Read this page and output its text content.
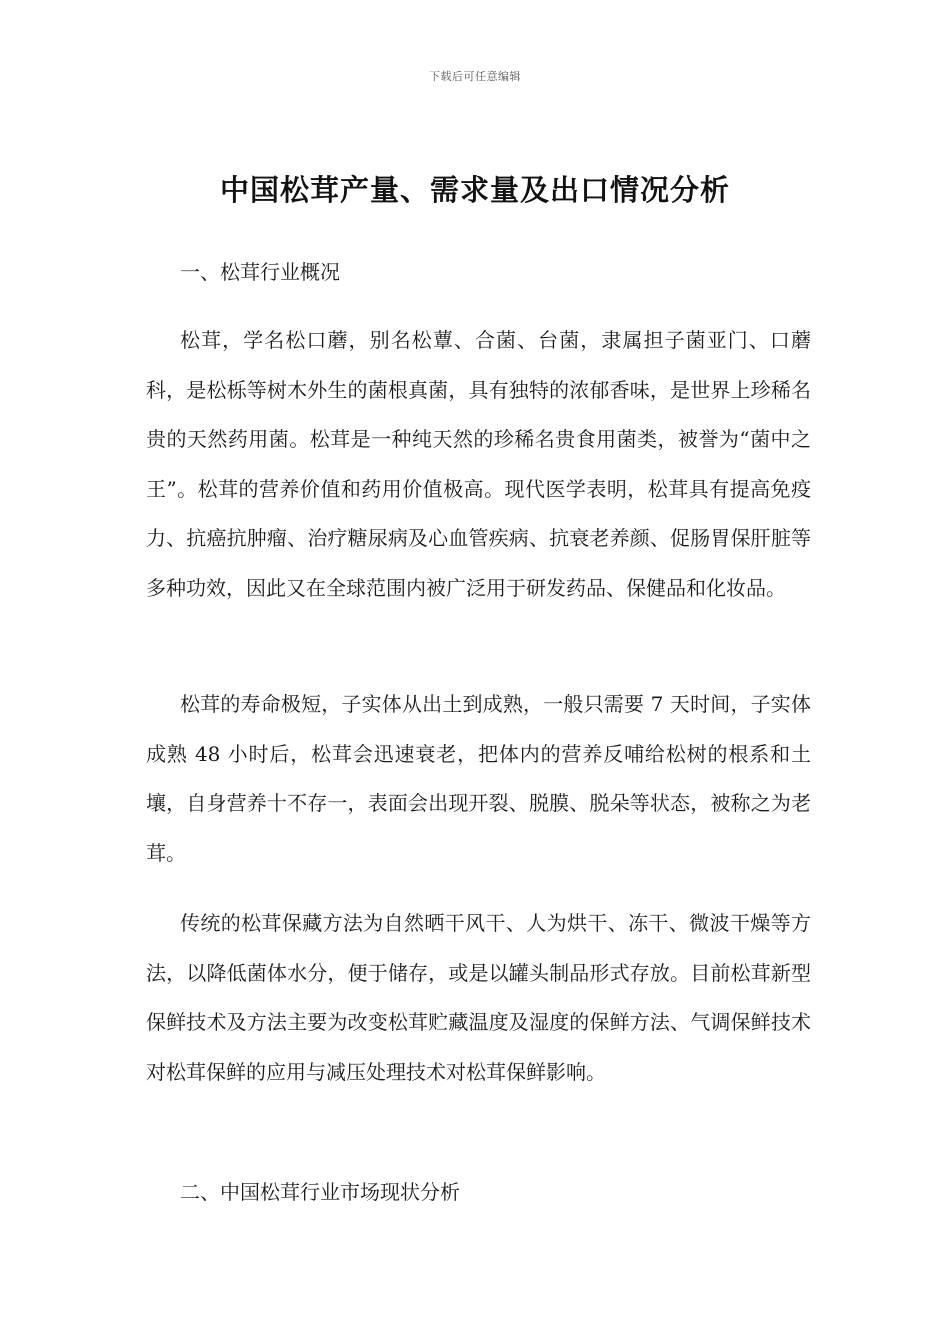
下载后可任意编辑
中国松茸产量、需求量及出口情况分析
一、松茸行业概况

松茸，学名松口蘑，别名松蕈、合菌、台菌，隶属担子菌亚门、口蘑科，是松栎等树木外生的菌根真菌，具有独特的浓郁香味，是世界上珍稀名贵的天然药用菌。松茸是一种纯天然的珍稀名贵食用菌类，被誉为“菌中之王”。松茸的营养价值和药用价值极高。现代医学表明，松茸具有提高免疫力、抗癌抗肿瘤、治疗糖尿病及心血管疾病、抗衰老养颜、促肠胃保肝脏等多种功效，因此又在全球范围内被广泛用于研发药品、保健品和化妆品。

松茸的寿命极短，子实体从出土到成熟，一般只需要 7 天时间，子实体成熟 48 小时后，松茸会迅速衰老，把体内的营养反哺给松树的根系和土壤，自身营养十不存一，表面会出现开裂、脱膜、脱朵等状态，被称之为老茸。

传统的松茸保藏方法为自然晒干风干、人为烘干、冻干、微波干燥等方法，以降低菌体水分，便于储存，或是以罐头制品形式存放。目前松茸新型保鲜技术及方法主要为改变松茸贮藏温度及湿度的保鲜方法、气调保鲜技术对松茸保鲜的应用与减压处理技术对松茸保鲜影响。

二、中国松茸行业市场现状分析
